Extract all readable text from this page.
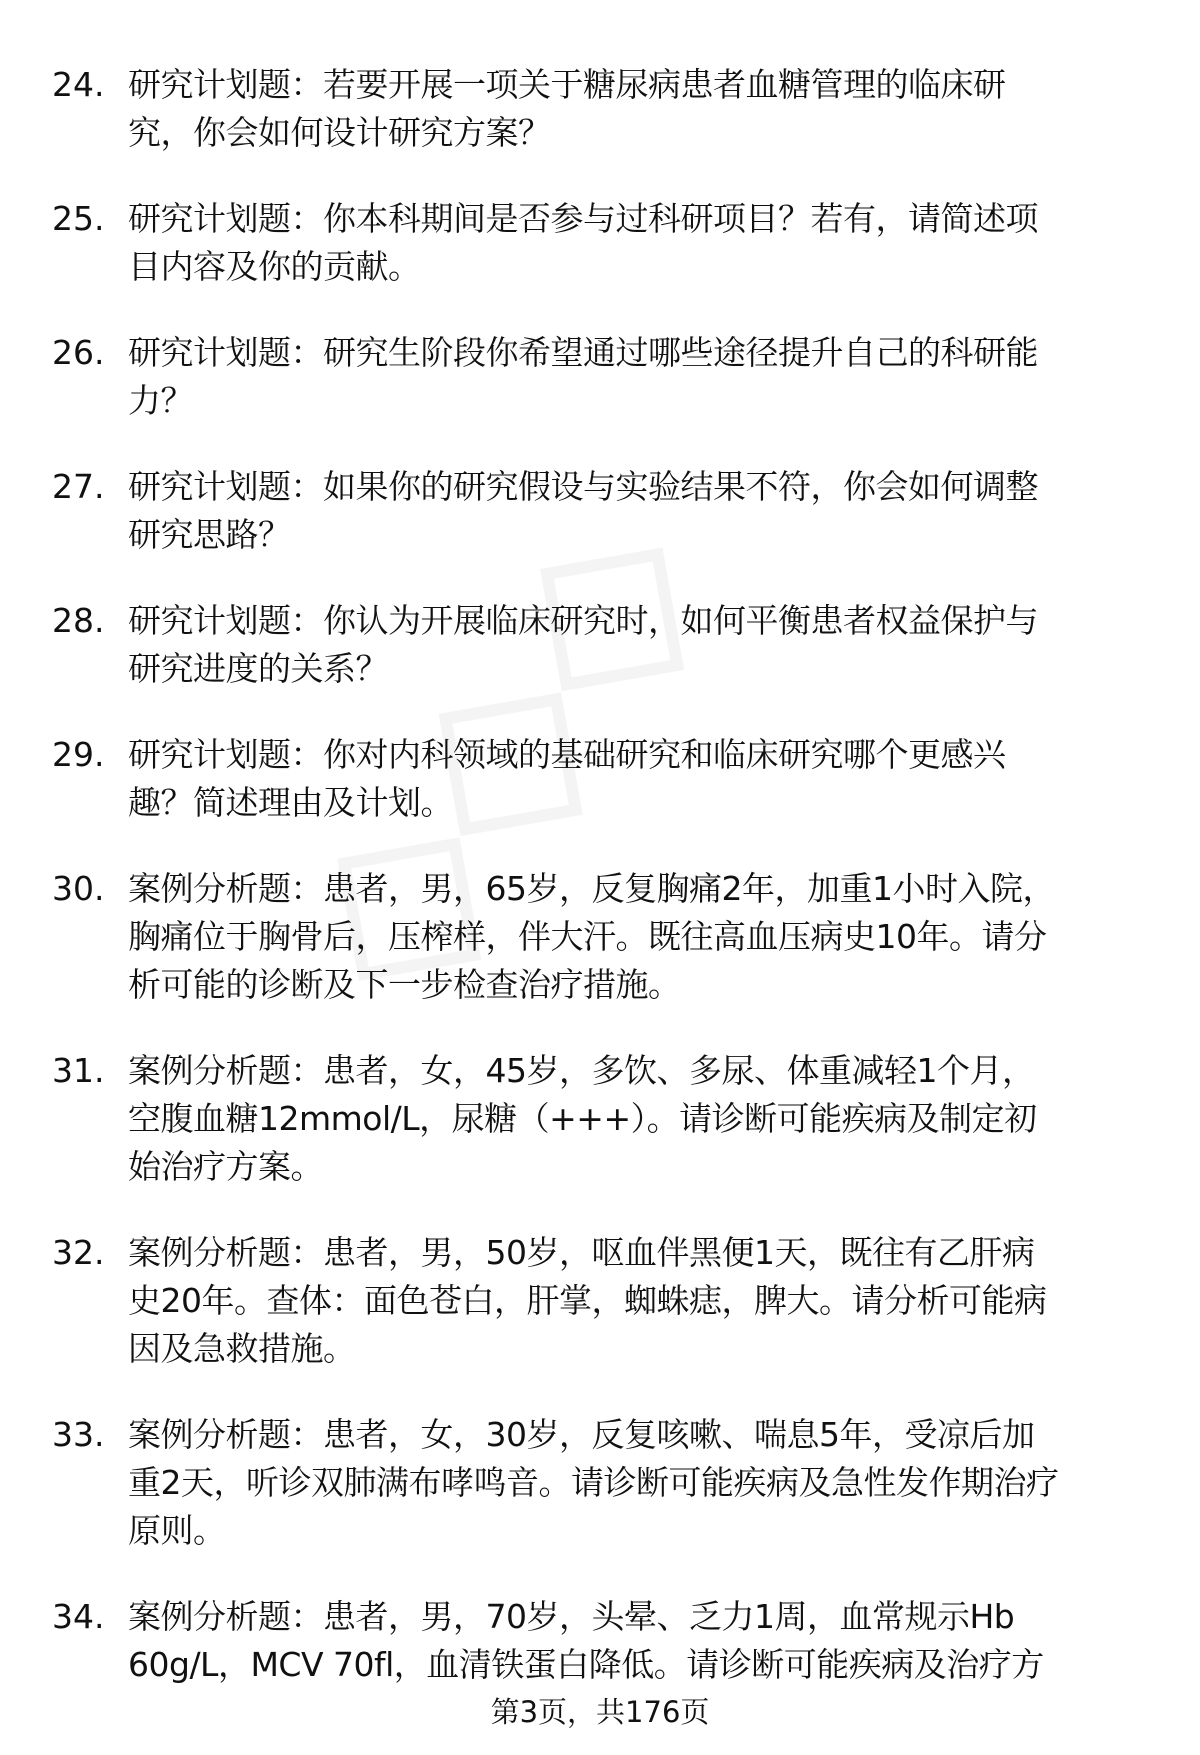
24. 研究计划题：若要开展一项关于糖尿病患者血糖管理的临床研
究，你会如何设计研究方案？
25. 研究计划题：你本科期间是否参与过科研项目？若有，请简述项
目内容及你的贡献。
26. 研究计划题：研究生阶段你希望通过哪些途径提升自己的科研能
力？
27. 研究计划题：如果你的研究假设与实验结果不符，你会如何调整
研究思路？
28. 研究计划题：你认为开展临床研究时，如何平衡患者权益保护与
研究进度的关系？
29. 研究计划题：你对内科领域的基础研究和临床研究哪个更感兴
趣？简述理由及计划。
30. 案例分析题：患者，男，65岁，反复胸痛2年，加重1小时入院，
胸痛位于胸骨后，压榨样，伴大汗。既往高血压病史10年。请分
析可能的诊断及下一步检查治疗措施。
31. 案例分析题：患者，女，45岁，多饮、多尿、体重减轻1个月，
空腹血糖12mmol/L，尿糖（+++）。请诊断可能疾病及制定初
始治疗方案。
32. 案例分析题：患者，男，50岁，呕血伴黑便1天，既往有乙肝病
史20年。查体：面色苍白，肝掌，蜘蛛痣，脾大。请分析可能病
因及急救措施。
33. 案例分析题：患者，女，30岁，反复咳嗽、喘息5年，受凉后加
重2天，听诊双肺满布哮鸣音。请诊断可能疾病及急性发作期治疗
原则。
34. 案例分析题：患者，男，70岁，头晕、乏力1周，血常规示Hb
60g/L，MCV 70fl，血清铁蛋白降低。请诊断可能疾病及治疗方
第3页，共176页
